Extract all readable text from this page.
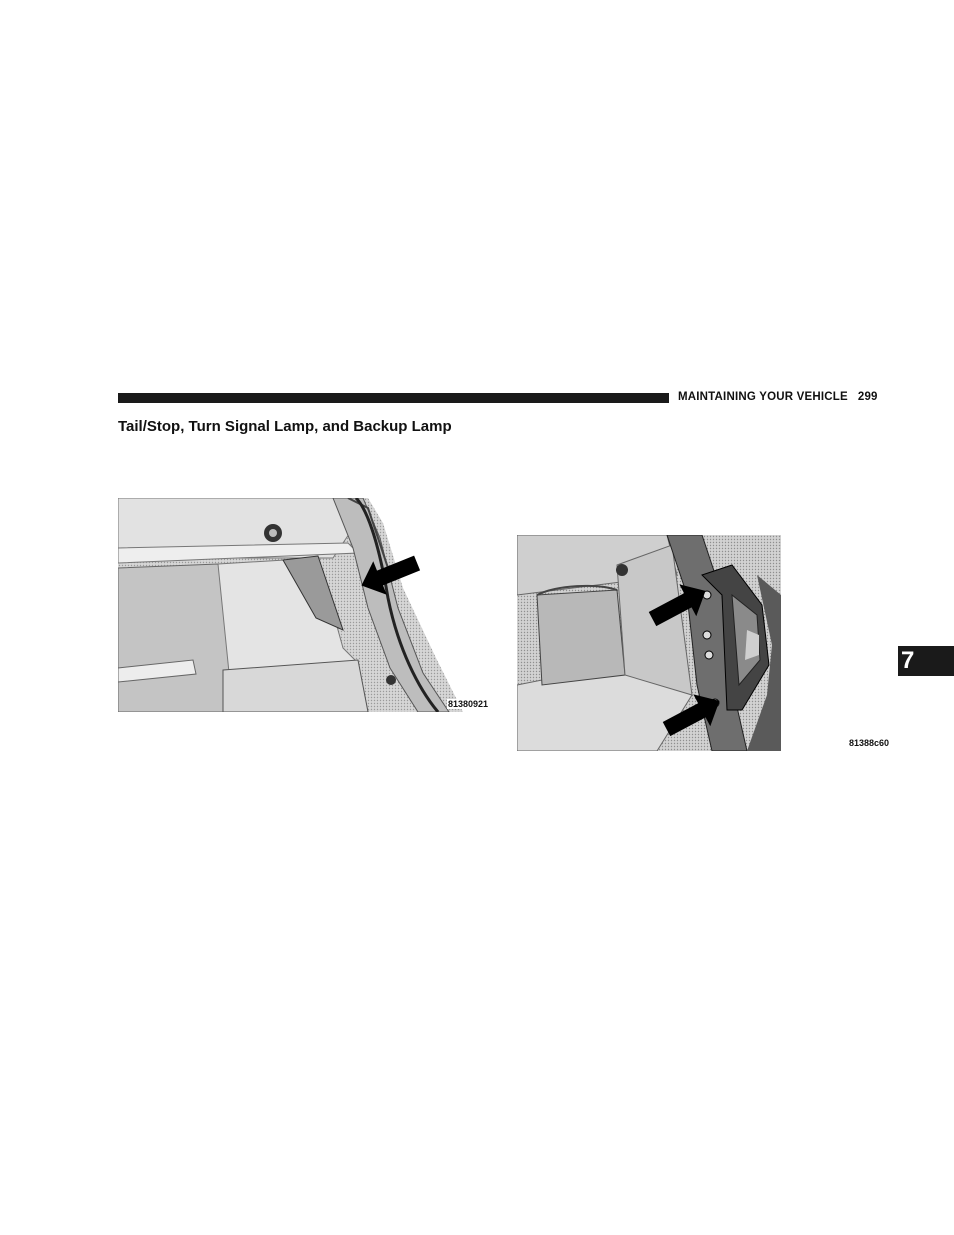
MAINTAINING YOUR VEHICLE 299
Tail/Stop, Turn Signal Lamp, and Backup Lamp
81380921
81388c60
7
